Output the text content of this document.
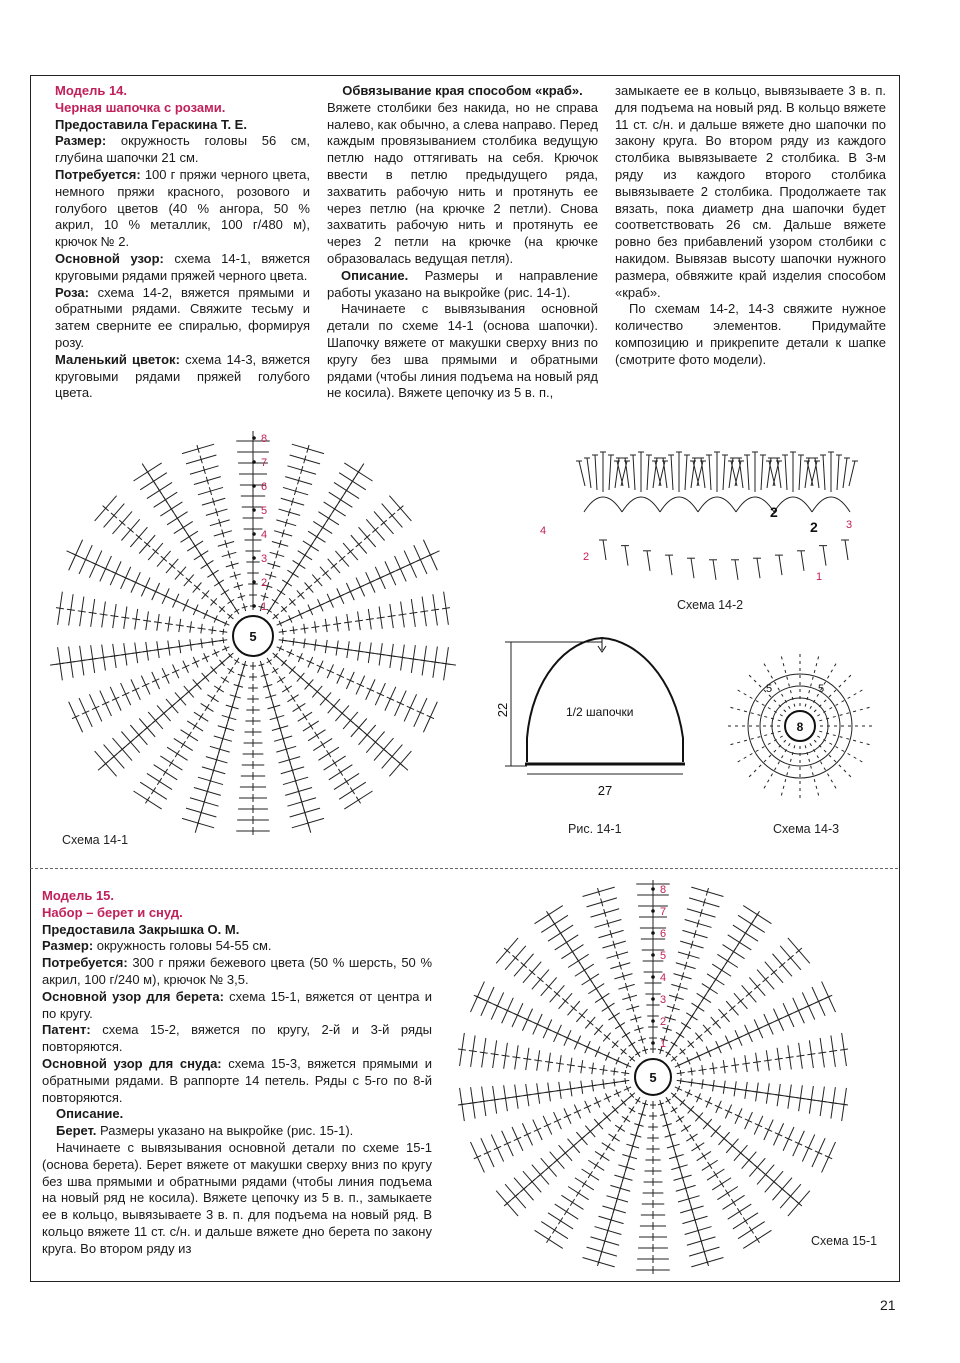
Модель 14.

Черная шапочка с розами.

Предоставила Гераскина Т. Е.

Размер: окружность головы 56 см, глубина шапочки 21 см.

Потребуется: 100 г пряжи черного цвета, немного пряжи красного, розового и голубого цветов (40 % ангора, 50 % акрил, 10 % металлик, 100 г/480 м), крючок № 2.

Основной узор: схема 14-1, вяжется круговыми рядами пряжей черного цвета.

Роза: схема 14-2, вяжется прямыми и обратными рядами. Свяжите тесьму и затем сверните ее спиралью, формируя розу.

Маленький цветок: схема 14-3, вяжется круговыми рядами пряжей голубого цвета.

Обвязывание края способом «краб».

Вяжете столбики без накида, но не справа налево, как обычно, а слева направо. Перед каждым провязыванием столбика ведущую петлю надо оттягивать на себя. Крючок ввести в петлю предыдущего ряда, захватить рабочую нить и протянуть ее через петлю (на крючке 2 петли). Снова захватить рабочую нить и протянуть ее через 2 петли на крючке (на крючке образовалась ведущая петля).

Описание. Размеры и направление работы указано на выкройке (рис. 14-1).

Начинаете с вывязывания основной детали по схеме 14-1 (основа шапочки). Шапочку вяжете от макушки сверху вниз по кругу без шва прямыми и обратными рядами (чтобы линия подъема на новый ряд не косила). Вяжете цепочку из 5 в. п.,

замыкаете ее в кольцо, вывязываете 3 в. п. для подъема на новый ряд. В кольцо вяжете 11 ст. с/н. и дальше вяжете дно шапочки по закону круга. Во втором ряду из каждого столбика вывязываете 2 столбика. В 3-м ряду из каждого второго столбика вывязываете 2 столбика. Продолжаете так вязать, пока диаметр дна шапочки будет соответствовать 26 см. Дальше вяжете ровно без прибавлений узором столбики с накидом. Вывязав высоту шапочки нужного размера, обвяжите край изделия способом «краб».

По схемам 14-2, 14-3 свяжите нужное количество элементов. Придумайте композицию и прикрепите детали к шапке (смотрите фото модели).

Модель 15.

Набор – берет и снуд.

Предоставила Закрышка О. М.

Размер: окружность головы 54-55 см.

Потребуется: 300 г пряжи бежевого цвета (50 % шерсть, 50 % акрил, 100 г/240 м), крючок № 3,5.

Основной узор для берета: схема 15-1, вяжется от центра и по кругу.

Патент: схема 15-2, вяжется по кругу, 2-й и 3-й ряды повторяются.

Основной узор для снуда: схема 15-3, вяжется прямыми и обратными рядами. В раппорте 14 петель. Ряды с 5-го по 8-й повторяются.

Описание.

Берет. Размеры указано на выкройке (рис. 15-1).

Начинаете с вывязывания основной детали по схеме 15-1 (основа берета). Берет вяжете от макушки сверху вниз по кругу без шва прямыми и обратными рядами (чтобы линия подъема на новый ряд не косила). Вяжете цепочку из 5 в. п., замыкаете ее в кольцо, вывязываете 3 в. п. для подъема на новый ряд. В кольцо вяжете 11 ст. с/н. и дальше вяжете дно берета по закону круга. Во втором ряду из

5
1
2
3
4
5
6
7
8
Схема 14-1
1
2
3
4
2
2
Схема 14-2
1/2 шапочки
22
27
Рис. 14-1
8
5	5
Схема 14-3
5
1
2
3
4
5
6
7
8
Схема 15-1
21
